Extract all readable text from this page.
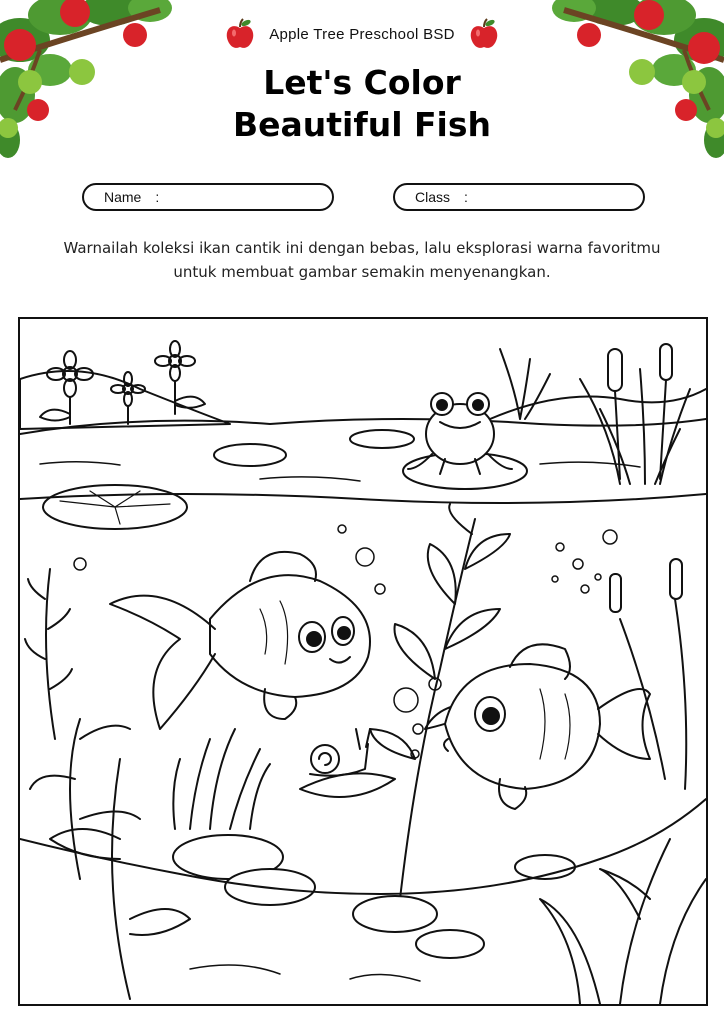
Apple Tree Preschool BSD
Let's Color
Beautiful Fish
Name :	Class :
Warnailah koleksi ikan cantik ini dengan bebas, lalu eksplorasi warna favoritmu untuk membuat gambar semakin menyenangkan.
